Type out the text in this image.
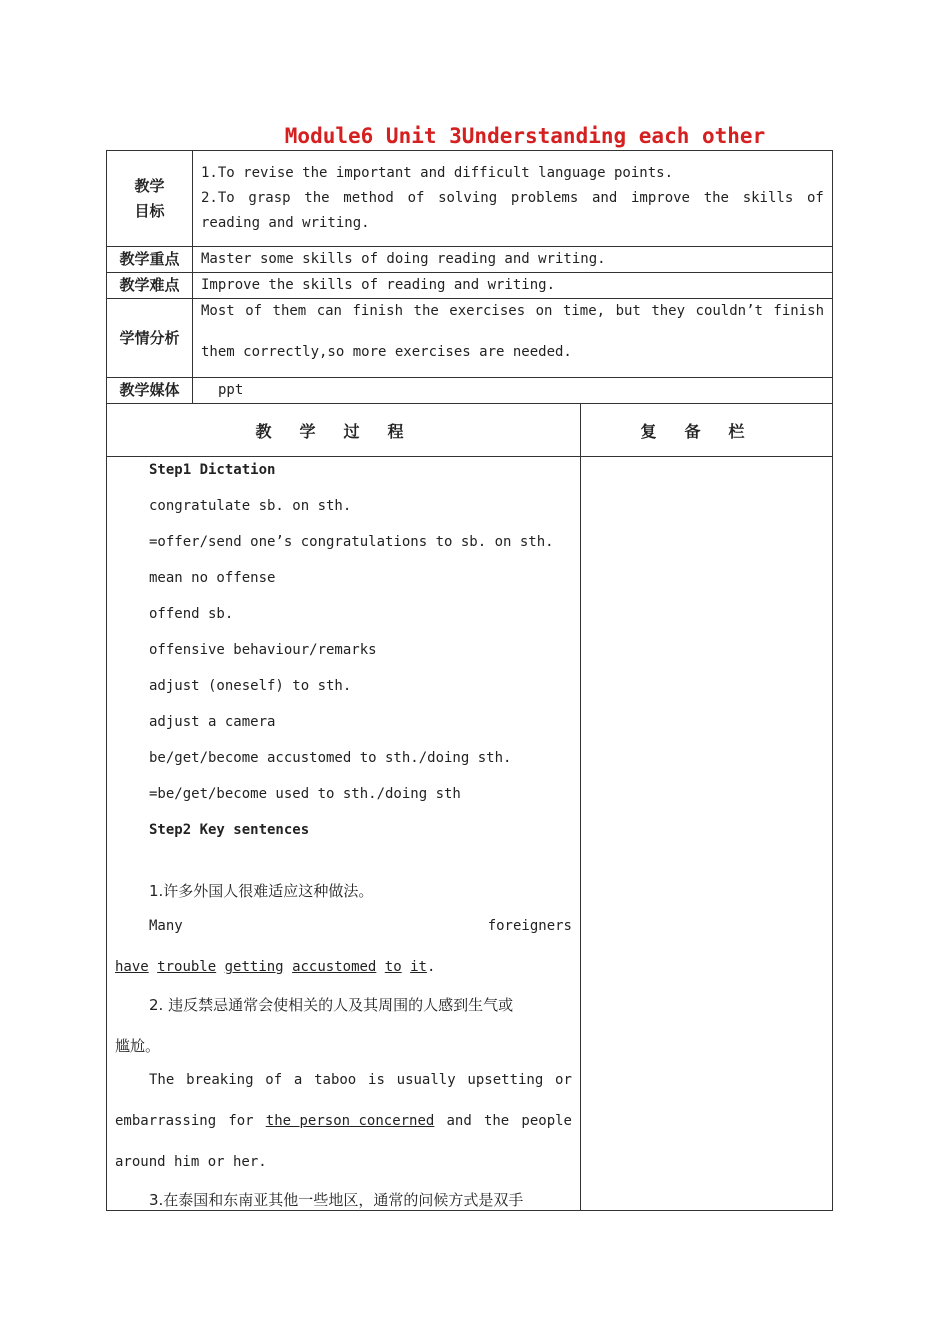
Module6 Unit 3Understanding each other
教学
目标
1.To revise the important and difficult language points.
2.To grasp the method of solving problems and improve the skills of
reading and writing.
教学重点	Master some skills of doing reading and writing.
教学难点	Improve the skills of reading and writing.
学情分析
Most of them can finish the exercises on time, but they couldn’t finish
them correctly,so more exercises are needed.
教学媒体	ppt
教学过程	复备栏
Step1 Dictation
congratulate sb. on sth.
=offer/send one’s congratulations to sb. on sth.
mean no offense
offend sb.
offensive behaviour/remarks
adjust (oneself) to sth.
adjust a camera
be/get/become accustomed to sth./doing sth.
=be/get/become used to sth./doing sth
Step2 Key sentences
1.许多外国人很难适应这种做法。
Many	foreigners
have trouble getting accustomed to it.
2. 违反禁忌通常会使相关的人及其周围的人感到生气或
尴尬。
The breaking of a taboo is usually upsetting or
embarrassing for the person concerned and the people
around him or her.
3.在泰国和东南亚其他一些地区，通常的问候方式是双手
